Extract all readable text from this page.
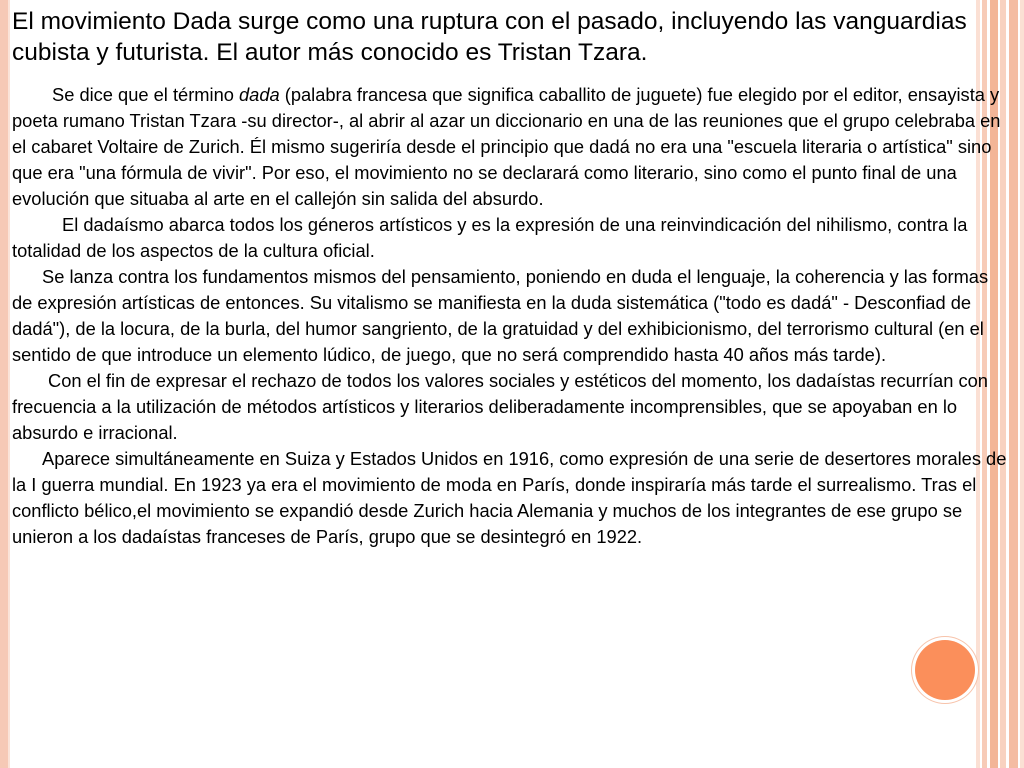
El movimiento Dada surge como una ruptura con el pasado, incluyendo las vanguardias cubista y futurista. El autor más conocido es Tristan Tzara.

Se dice que el término dada (palabra francesa que significa caballito de juguete) fue elegido por el editor, ensayista y poeta rumano Tristan Tzara -su director-, al abrir al azar un diccionario en una de las reuniones que el grupo celebraba en el cabaret Voltaire de Zurich. Él mismo sugeriría desde el principio que dadá no era una "escuela literaria o artística" sino que era "una fórmula de vivir". Por eso, el movimiento no se declarará como literario, sino como el punto final de una evolución que situaba al arte en el callejón sin salida del absurdo.

El dadaísmo abarca todos los géneros artísticos y es la expresión de una reinvindicación del nihilismo, contra la totalidad de los aspectos de la cultura oficial.

Se lanza contra los fundamentos mismos del pensamiento, poniendo en duda el lenguaje, la coherencia y las formas de expresión artísticas de entonces. Su vitalismo se manifiesta en la duda sistemática ("todo es dadá" - Desconfiad de dadá"), de la locura, de la burla, del humor sangriento, de la gratuidad y del exhibicionismo, del terrorismo cultural (en el sentido de que introduce un elemento lúdico, de juego, que no será comprendido hasta 40 años más tarde).

Con el fin de expresar el rechazo de todos los valores sociales y estéticos del momento, los dadaístas recurrían con frecuencia a la utilización de métodos artísticos y literarios deliberadamente incomprensibles, que se apoyaban en lo absurdo e irracional.

Aparece simultáneamente en Suiza y Estados Unidos en 1916, como expresión de una serie de desertores morales de la I guerra mundial. En 1923 ya era el movimiento de moda en París, donde inspiraría más tarde el surrealismo. Tras el conflicto bélico,el movimiento se expandió desde Zurich hacia Alemania y muchos de los integrantes de ese grupo se unieron a los dadaístas franceses de París, grupo que se desintegró en 1922.
